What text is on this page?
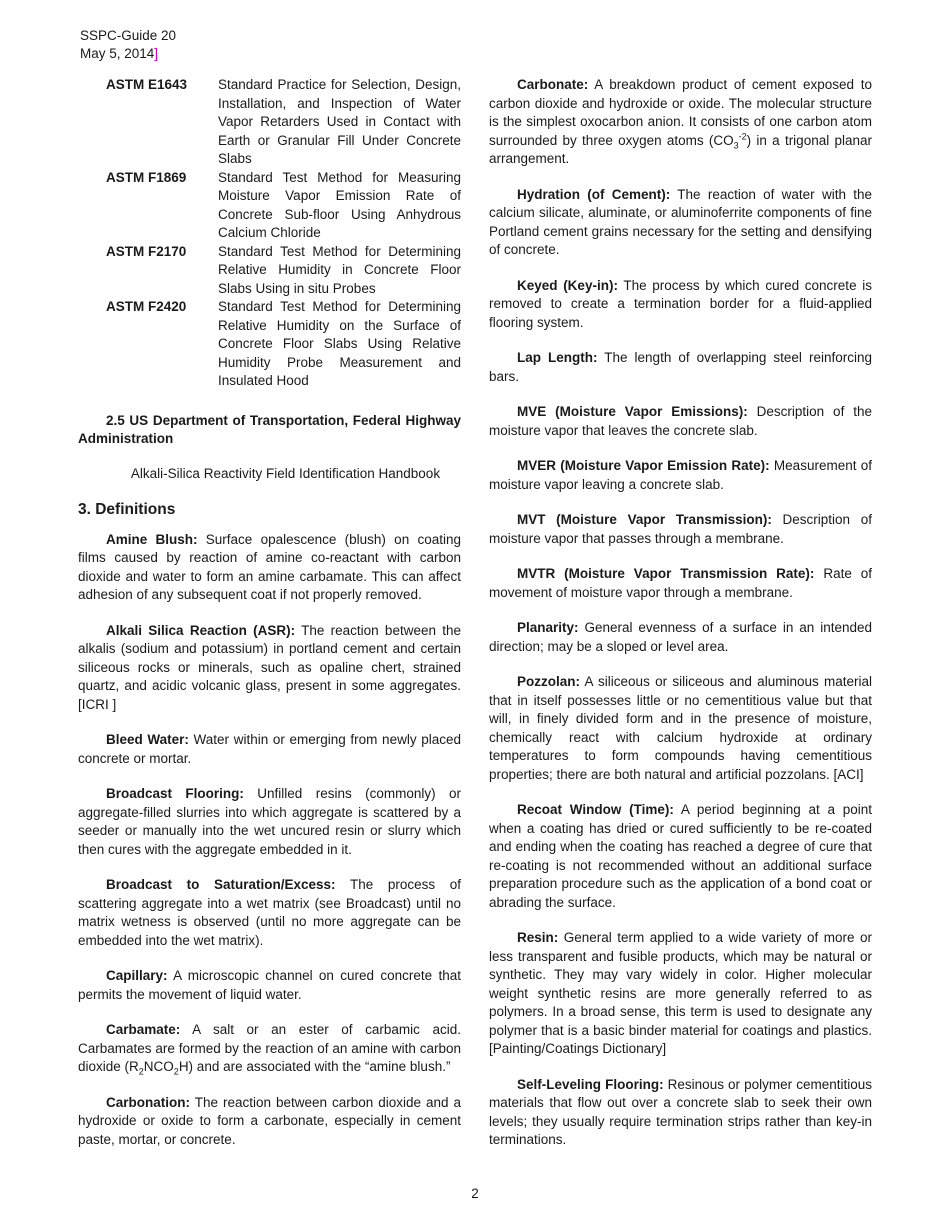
SSPC-Guide 20
May 5, 2014]
ASTM E1643	Standard Practice for Selection, Design, Installation, and Inspection of Water Vapor Retarders Used in Contact with Earth or Granular Fill Under Concrete Slabs
ASTM F1869	Standard Test Method for Measuring Moisture Vapor Emission Rate of Concrete Sub-floor Using Anhydrous Calcium Chloride
ASTM F2170	Standard Test Method for Determining Relative Humidity in Concrete Floor Slabs Using in situ Probes
ASTM F2420	Standard Test Method for Determining Relative Humidity on the Surface of Concrete Floor Slabs Using Relative Humidity Probe Measurement and Insulated Hood
2.5 US Department of Transportation, Federal Highway Administration
Alkali-Silica Reactivity Field Identification Handbook
3. Definitions

Amine Blush: Surface opalescence (blush) on coating films caused by reaction of amine co-reactant with carbon dioxide and water to form an amine carbamate. This can affect adhesion of any subsequent coat if not properly removed.

Alkali Silica Reaction (ASR): The reaction between the alkalis (sodium and potassium) in portland cement and certain siliceous rocks or minerals, such as opaline chert, strained quartz, and acidic volcanic glass, present in some aggregates. [ICRI ]

Bleed Water: Water within or emerging from newly placed concrete or mortar.

Broadcast Flooring: Unfilled resins (commonly) or aggregate-filled slurries into which aggregate is scattered by a seeder or manually into the wet uncured resin or slurry which then cures with the aggregate embedded in it.

Broadcast to Saturation/Excess: The process of scattering aggregate into a wet matrix (see Broadcast) until no matrix wetness is observed (until no more aggregate can be embedded into the wet matrix).

Capillary: A microscopic channel on cured concrete that permits the movement of liquid water.

Carbamate: A salt or an ester of carbamic acid. Carbamates are formed by the reaction of an amine with carbon dioxide $(R_2NCO_2H)$ and are associated with the “amine blush.”

Carbonation: The reaction between carbon dioxide and a hydroxide or oxide to form a carbonate, especially in cement paste, mortar, or concrete.

Carbonate: A breakdown product of cement exposed to carbon dioxide and hydroxide or oxide. The molecular structure is the simplest oxocarbon anion. It consists of one carbon atom surrounded by three oxygen atoms $(CO_3^{-2})$ in a trigonal planar arrangement.

Hydration (of Cement): The reaction of water with the calcium silicate, aluminate, or aluminoferrite components of fine Portland cement grains necessary for the setting and densifying of concrete.

Keyed (Key-in): The process by which cured concrete is removed to create a termination border for a fluid-applied flooring system.

Lap Length: The length of overlapping steel reinforcing bars.

MVE (Moisture Vapor Emissions): Description of the moisture vapor that leaves the concrete slab.

MVER (Moisture Vapor Emission Rate): Measurement of moisture vapor leaving a concrete slab.

MVT (Moisture Vapor Transmission): Description of moisture vapor that passes through a membrane.

MVTR (Moisture Vapor Transmission Rate): Rate of movement of moisture vapor through a membrane.

Planarity: General evenness of a surface in an intended direction; may be a sloped or level area.

Pozzolan: A siliceous or siliceous and aluminous material that in itself possesses little or no cementitious value but that will, in finely divided form and in the presence of moisture, chemically react with calcium hydroxide at ordinary temperatures to form compounds having cementitious properties; there are both natural and artificial pozzolans. [ACI]

Recoat Window (Time): A period beginning at a point when a coating has dried or cured sufficiently to be re-coated and ending when the coating has reached a degree of cure that re-coating is not recommended without an additional surface preparation procedure such as the application of a bond coat or abrading the surface.

Resin: General term applied to a wide variety of more or less transparent and fusible products, which may be natural or synthetic. They may vary widely in color. Higher molecular weight synthetic resins are more generally referred to as polymers. In a broad sense, this term is used to designate any polymer that is a basic binder material for coatings and plastics. [Painting/Coatings Dictionary]

Self-Leveling Flooring: Resinous or polymer cementitious materials that flow out over a concrete slab to seek their own levels; they usually require termination strips rather than key-in terminations.

2
